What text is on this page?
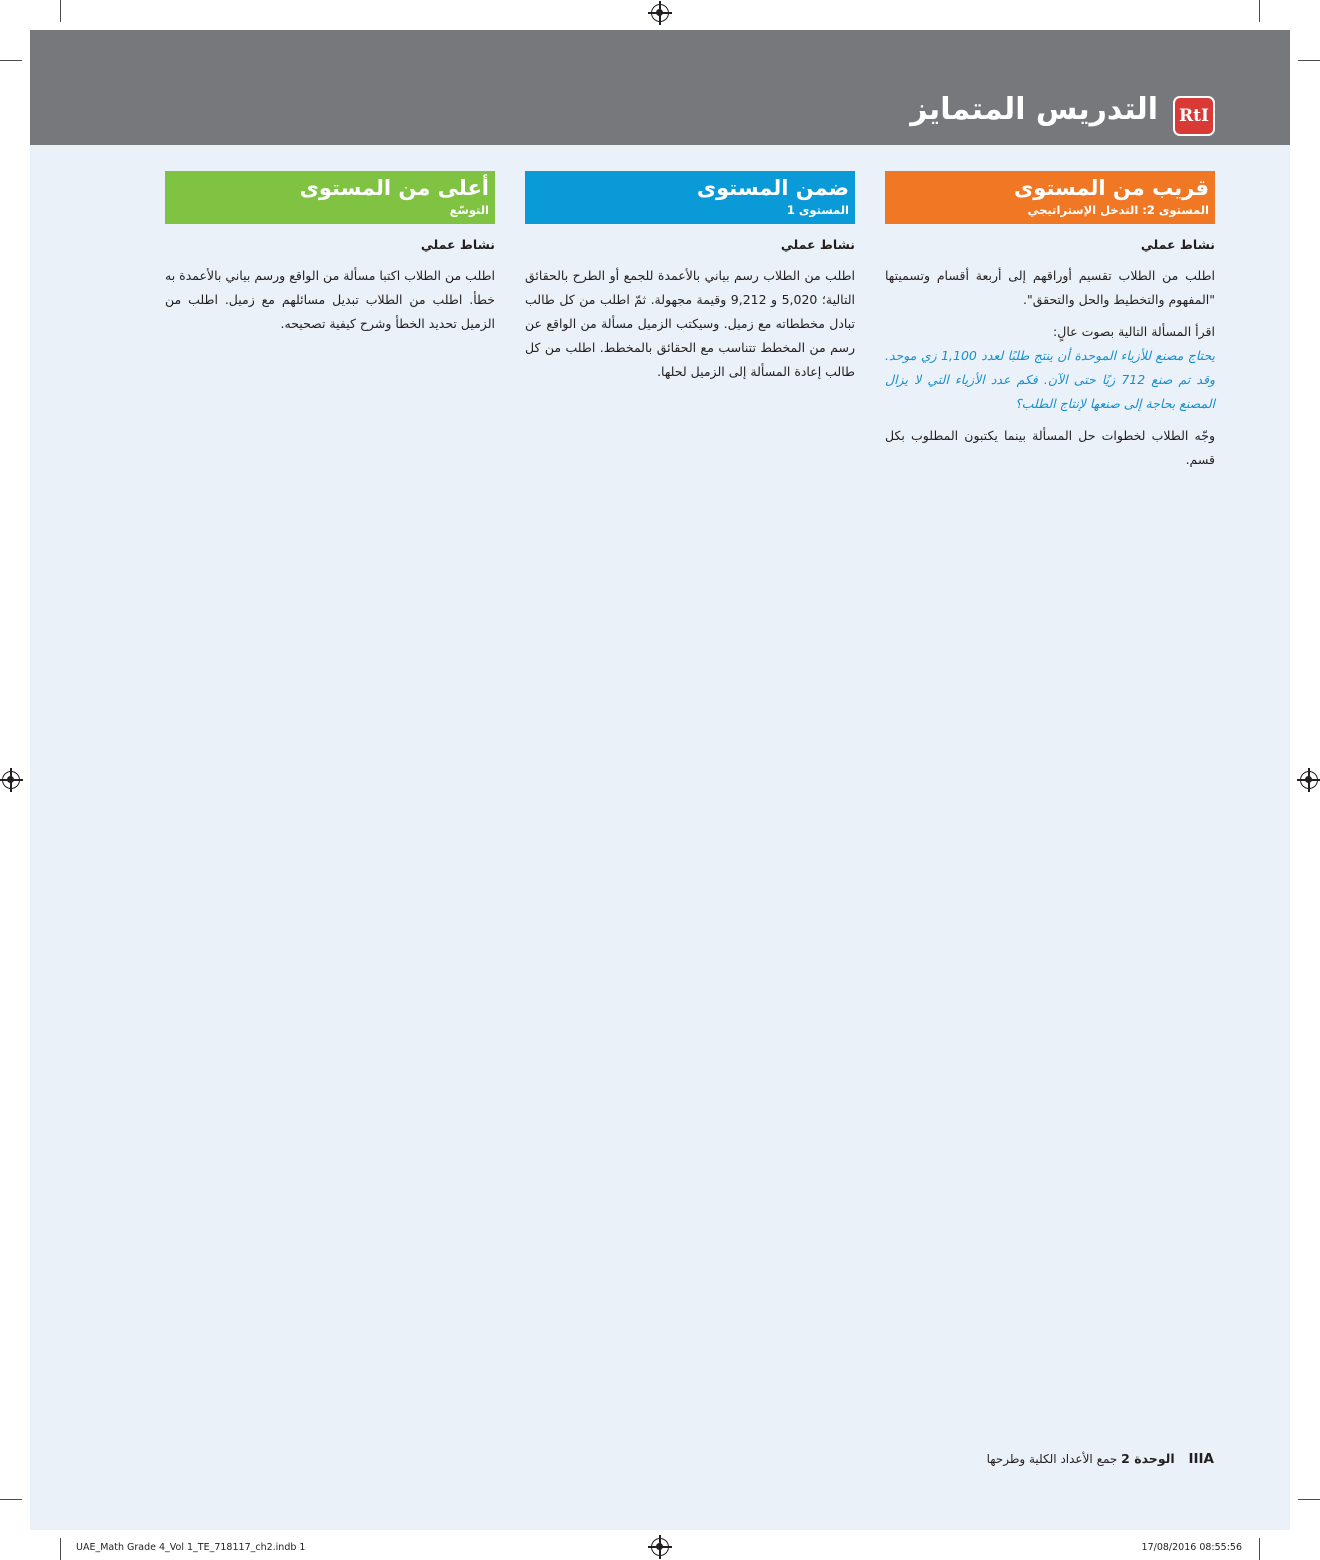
التدريس المتمايز	RtI
قريب من المستوى
المستوى 2: التدخل الإستراتيجي
نشاط عملي

اطلب من الطلاب تقسيم أوراقهم إلى أربعة أقسام وتسميتها "المفهوم والتخطيط والحل والتحقق".

اقرأ المسألة التالية بصوت عالٍ:

يحتاج مصنع للأزياء الموحدة أن ينتج طلبًا لعدد 1,100 زي موحد. وقد تم صنع 712 زيًا حتى الآن. فكم عدد الأزياء التي لا يزال المصنع بحاجة إلى صنعها لإنتاج الطلب؟

وجّه الطلاب لخطوات حل المسألة بينما يكتبون المطلوب بكل قسم.

ضمن المستوى
المستوى 1
نشاط عملي

اطلب من الطلاب رسم بياني بالأعمدة للجمع أو الطرح بالحقائق التالية؛ 5,020 و 9,212 وقيمة مجهولة. ثمّ اطلب من كل طالب تبادل مخططاته مع زميل. وسيكتب الزميل مسألة من الواقع عن رسم من المخطط تتناسب مع الحقائق بالمخطط. اطلب من كل طالب إعادة المسألة إلى الزميل لحلها.

أعلى من المستوى
التوسّع
نشاط عملي

اطلب من الطلاب اكتبا مسألة من الواقع ورسم بياني بالأعمدة به خطأ. اطلب من الطلاب تبديل مسائلهم مع زميل. اطلب من الزميل تحديد الخطأ وشرح كيفية تصحيحه.

IIIA الوحدة 2 جمع الأعداد الكلية وطرحها
UAE_Math Grade 4_Vol 1_TE_718117_ch2.indb 1	17/08/2016 08:55:56
